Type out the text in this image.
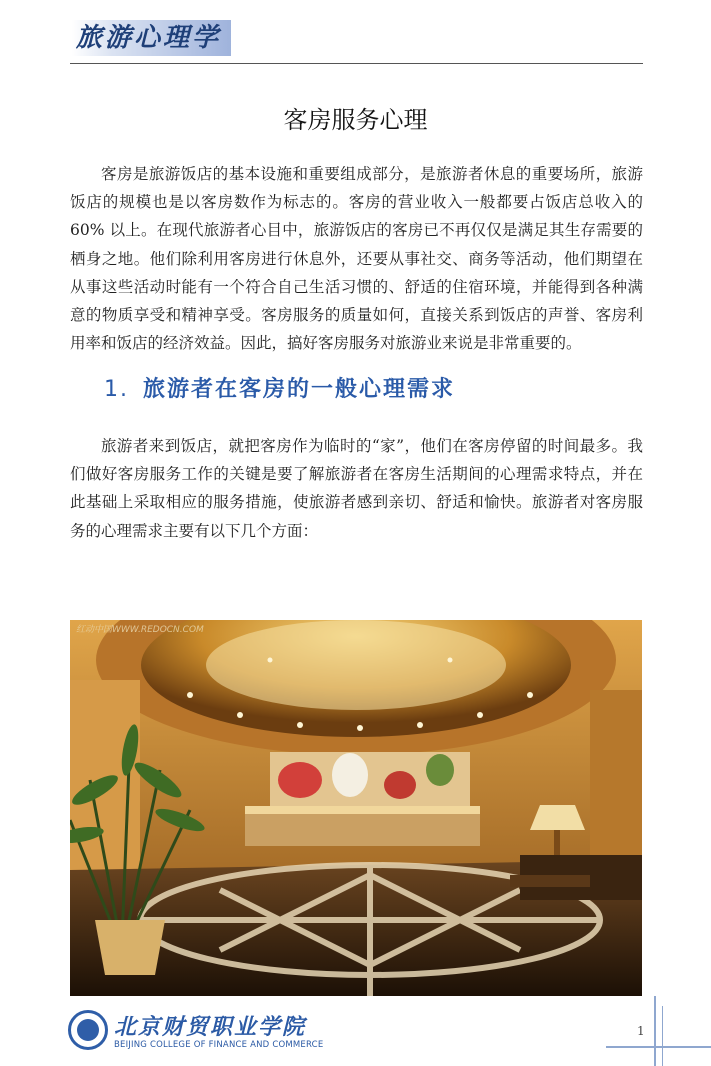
旅游心理学
客房服务心理

客房是旅游饭店的基本设施和重要组成部分，是旅游者休息的重要场所，旅游饭店的规模也是以客房数作为标志的。客房的营业收入一般都要占饭店总收入的 60% 以上。在现代旅游者心目中，旅游饭店的客房已不再仅仅是满足其生存需要的栖身之地。他们除利用客房进行休息外，还要从事社交、商务等活动，他们期望在从事这些活动时能有一个符合自己生活习惯的、舒适的住宿环境，并能得到各种满意的物质享受和精神享受。客房服务的质量如何，直接关系到饭店的声誉、客房利用率和饭店的经济效益。因此，搞好客房服务对旅游业来说是非常重要的。

1. 旅游者在客房的一般心理需求

旅游者来到饭店，就把客房作为临时的“家”，他们在客房停留的时间最多。我们做好客房服务工作的关键是要了解旅游者在客房生活期间的心理需求特点，并在此基础上采取相应的服务措施，使旅游者感到亲切、舒适和愉快。旅游者对客房服务的心理需求主要有以下几个方面：

红动中国WWW.REDOCN.COM
北京财贸职业学院
BEIJING COLLEGE OF FINANCE AND COMMERCE
1
